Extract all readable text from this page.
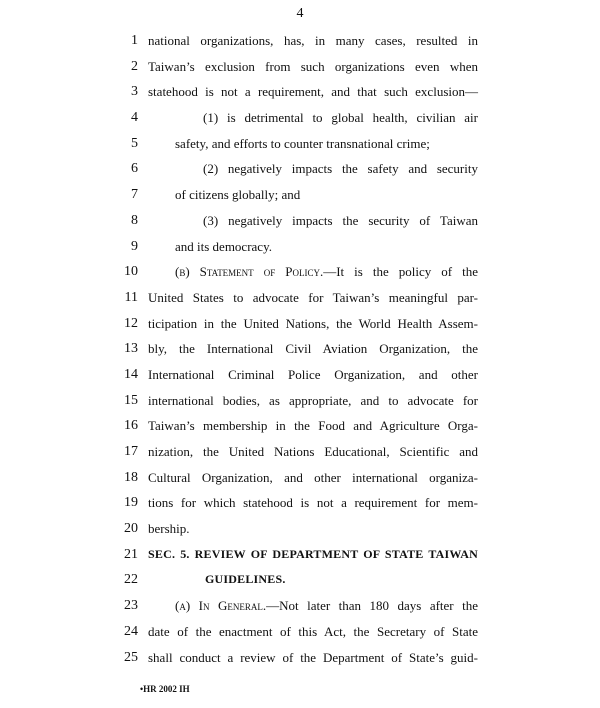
4
1 national organizations, has, in many cases, resulted in
2 Taiwan’s exclusion from such organizations even when
3 statehood is not a requirement, and that such exclusion—
4	(1) is detrimental to global health, civilian air
5	safety, and efforts to counter transnational crime;
6	(2) negatively impacts the safety and security
7	of citizens globally; and
8	(3) negatively impacts the security of Taiwan
9	and its democracy.
10	(b) Statement of Policy.—It is the policy of the
11 United States to advocate for Taiwan’s meaningful par-
12 ticipation in the United Nations, the World Health Assem-
13 bly, the International Civil Aviation Organization, the
14 International Criminal Police Organization, and other
15 international bodies, as appropriate, and to advocate for
16 Taiwan’s membership in the Food and Agriculture Orga-
17 nization, the United Nations Educational, Scientific and
18 Cultural Organization, and other international organiza-
19 tions for which statehood is not a requirement for mem-
20 bership.
21 SEC. 5. REVIEW OF DEPARTMENT OF STATE TAIWAN
22	GUIDELINES.
23	(a) In General.—Not later than 180 days after the
24 date of the enactment of this Act, the Secretary of State
25 shall conduct a review of the Department of State’s guid-
•HR 2002 IH
